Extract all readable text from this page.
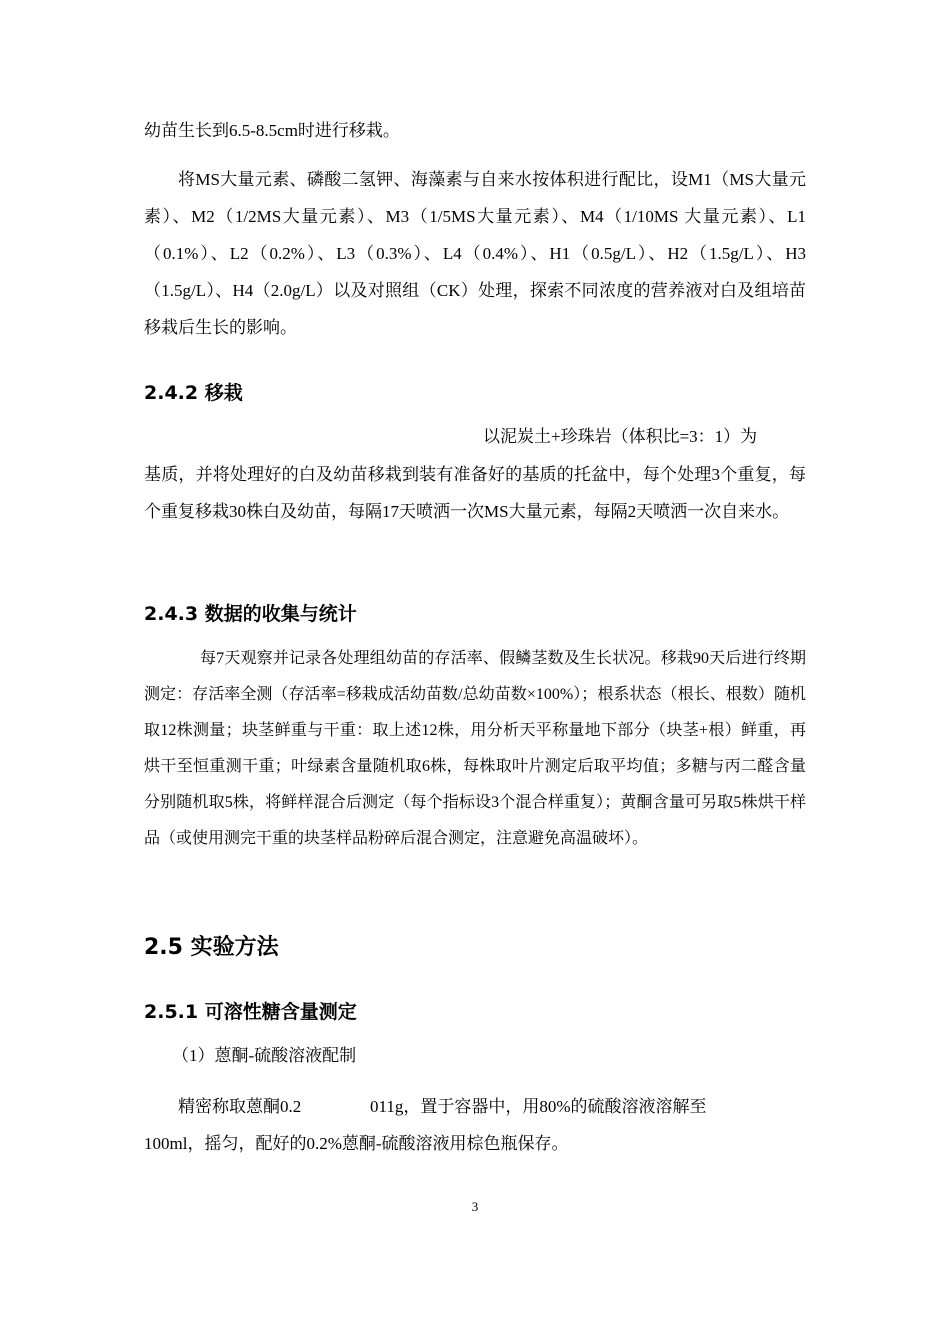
幼苗生长到6.5-8.5cm时进行移栽。

将MS大量元素、磷酸二氢钾、海藻素与自来水按体积进行配比，设M1（MS大量元素）、M2（1/2MS大量元素）、M3（1/5MS大量元素）、M4（1/10MS 大量元素）、L1（0.1%）、L2（0.2%）、L3（0.3%）、L4（0.4%）、H1（0.5g/L）、H2（1.5g/L）、H3（1.5g/L）、H4（2.0g/L）以及对照组（CK）处理，探索不同浓度的营养液对白及组培苗移栽后生长的影响。

2.4.2 移栽

以泥炭土+珍珠岩（体积比=3：1）为

基质，并将处理好的白及幼苗移栽到装有准备好的基质的托盆中，每个处理3个重复，每个重复移栽30株白及幼苗，每隔17天喷洒一次MS大量元素，每隔2天喷洒一次自来水。

2.4.3 数据的收集与统计

每7天观察并记录各处理组幼苗的存活率、假鳞茎数及生长状况。移栽90天后进行终期测定：存活率全测（存活率=移栽成活幼苗数/总幼苗数×100%）；根系状态（根长、根数）随机取12株测量；块茎鲜重与干重：取上述12株，用分析天平称量地下部分（块茎+根）鲜重，再烘干至恒重测干重；叶绿素含量随机取6株，每株取叶片测定后取平均值；多糖与丙二醛含量分别随机取5株，将鲜样混合后测定（每个指标设3个混合样重复）；黄酮含量可另取5株烘干样品（或使用测完干重的块茎样品粉碎后混合测定，注意避免高温破坏）。

2.5 实验方法
2.5.1 可溶性糖含量测定

（1）蒽酮-硫酸溶液配制

精密称取蒽酮0.2	011g，置于容器中，用80%的硫酸溶液溶解至

100ml，摇匀，配好的0.2%蒽酮-硫酸溶液用棕色瓶保存。

3
